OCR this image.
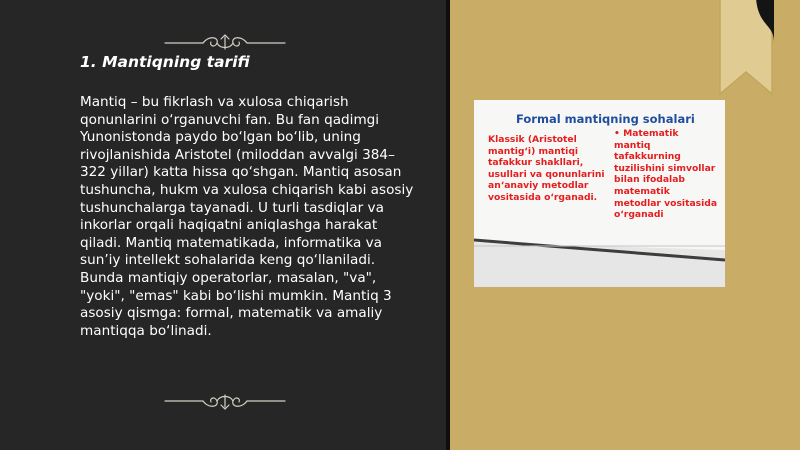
1. Mantiqning tarifi

Mantiq – bu fikrlash va xulosa chiqarish qonunlarini o‘rganuvchi fan. Bu fan qadimgi Yunonistonda paydo bo‘lgan bo‘lib, uning rivojlanishida Aristotel (miloddan avvalgi 384–322 yillar) katta hissa qo‘shgan. Mantiq asosan tushuncha, hukm va xulosa chiqarish kabi asosiy tushunchalarga tayanadi. U turli tasdiqlar va inkorlar orqali haqiqatni aniqlashga harakat qiladi. Mantiq matematikada, informatika va sun’iy intellekt sohalarida keng qo‘llaniladi. Bunda mantiqiy operatorlar, masalan, "va", "yoki", "emas" kabi bo‘lishi mumkin. Mantiq 3 asosiy qismga: formal, matematik va amaliy mantiqqa bo‘linadi.

Formal mantiqning sohalari

Klassik (Aristotel mantig‘i) mantiqi tafakkur shakllari, usullari va qonunlarini an‘anaviy metodlar vositasida o‘rganadi.

• Matematik mantiq tafakkurning tuzilishini simvollar bilan ifodalab matematik metodlar vositasida o‘rganadi
